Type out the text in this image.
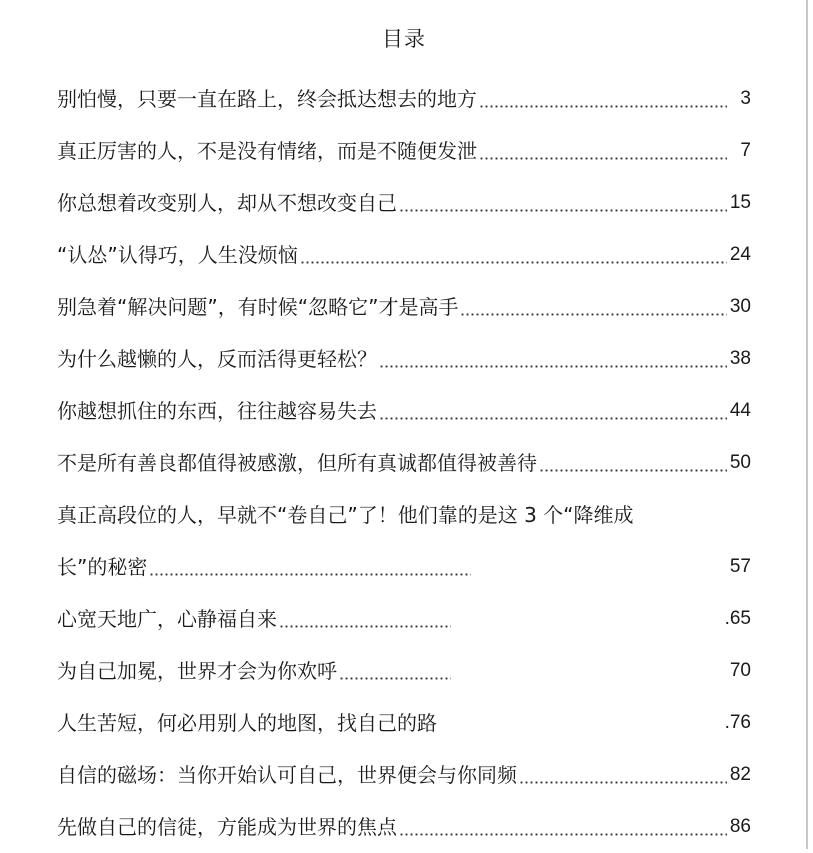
目录
别怕慢，只要一直在路上，终会抵达想去的地方	3
真正厉害的人，不是没有情绪，而是不随便发泄	7
你总想着改变别人，却从不想改变自己	15
“认怂”认得巧，人生没烦恼	24
别急着“解决问题”，有时候“忽略它”才是高手	30
为什么越懒的人，反而活得更轻松？	38
你越想抓住的东西，往往越容易失去	44
不是所有善良都值得被感激，但所有真诚都值得被善待	50
真正高段位的人，早就不“卷自己”了！他们靠的是这 3 个“降维成
长”的秘密	57
心宽天地广，心静福自来	.65
为自己加冕，世界才会为你欢呼	70
人生苦短，何必用别人的地图，找自己的路	.76
自信的磁场：当你开始认可自己，世界便会与你同频	82
先做自己的信徒，方能成为世界的焦点	86
